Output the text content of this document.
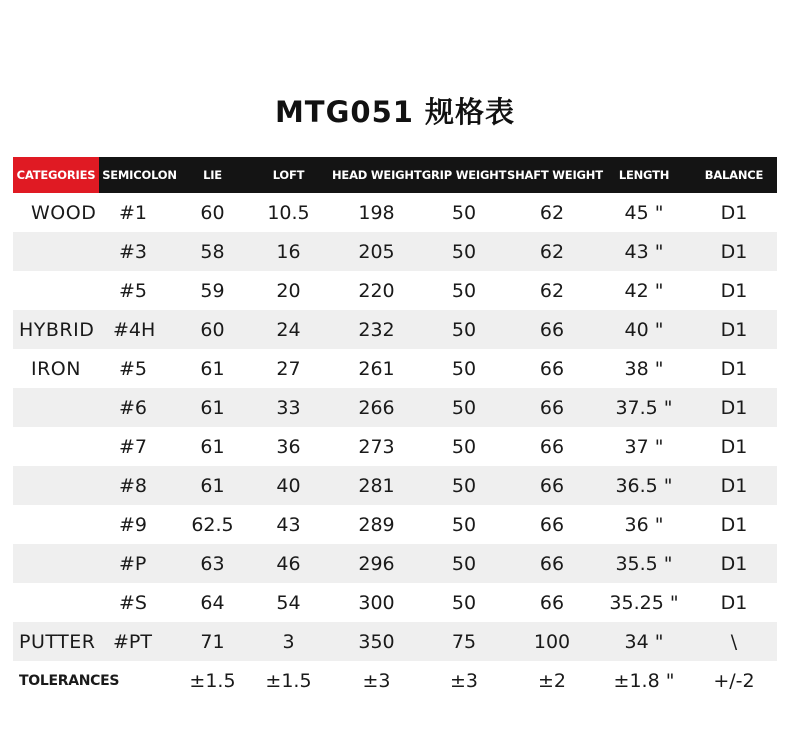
MTG051 规格表
CATEGORIES	SEMICOLON	LIE	LOFT	HEAD WEIGHT	GRIP WEIGHT	SHAFT WEIGHT	LENGTH	BALANCE
WOOD	#1	60	10.5	198	50	62	45 "	D1
	#3	58	16	205	50	62	43 "	D1
	#5	59	20	220	50	62	42 "	D1
HYBRID	#4H	60	24	232	50	66	40 "	D1
IRON	#5	61	27	261	50	66	38 "	D1
	#6	61	33	266	50	66	37.5 "	D1
	#7	61	36	273	50	66	37 "	D1
	#8	61	40	281	50	66	36.5 "	D1
	#9	62.5	43	289	50	66	36 "	D1
	#P	63	46	296	50	66	35.5 "	D1
	#S	64	54	300	50	66	35.25 "	D1
PUTTER	#PT	71	3	350	75	100	34 "	\
TOLERANCES		±1.5	±1.5	±3	±3	±2	±1.8 "	+/-2
